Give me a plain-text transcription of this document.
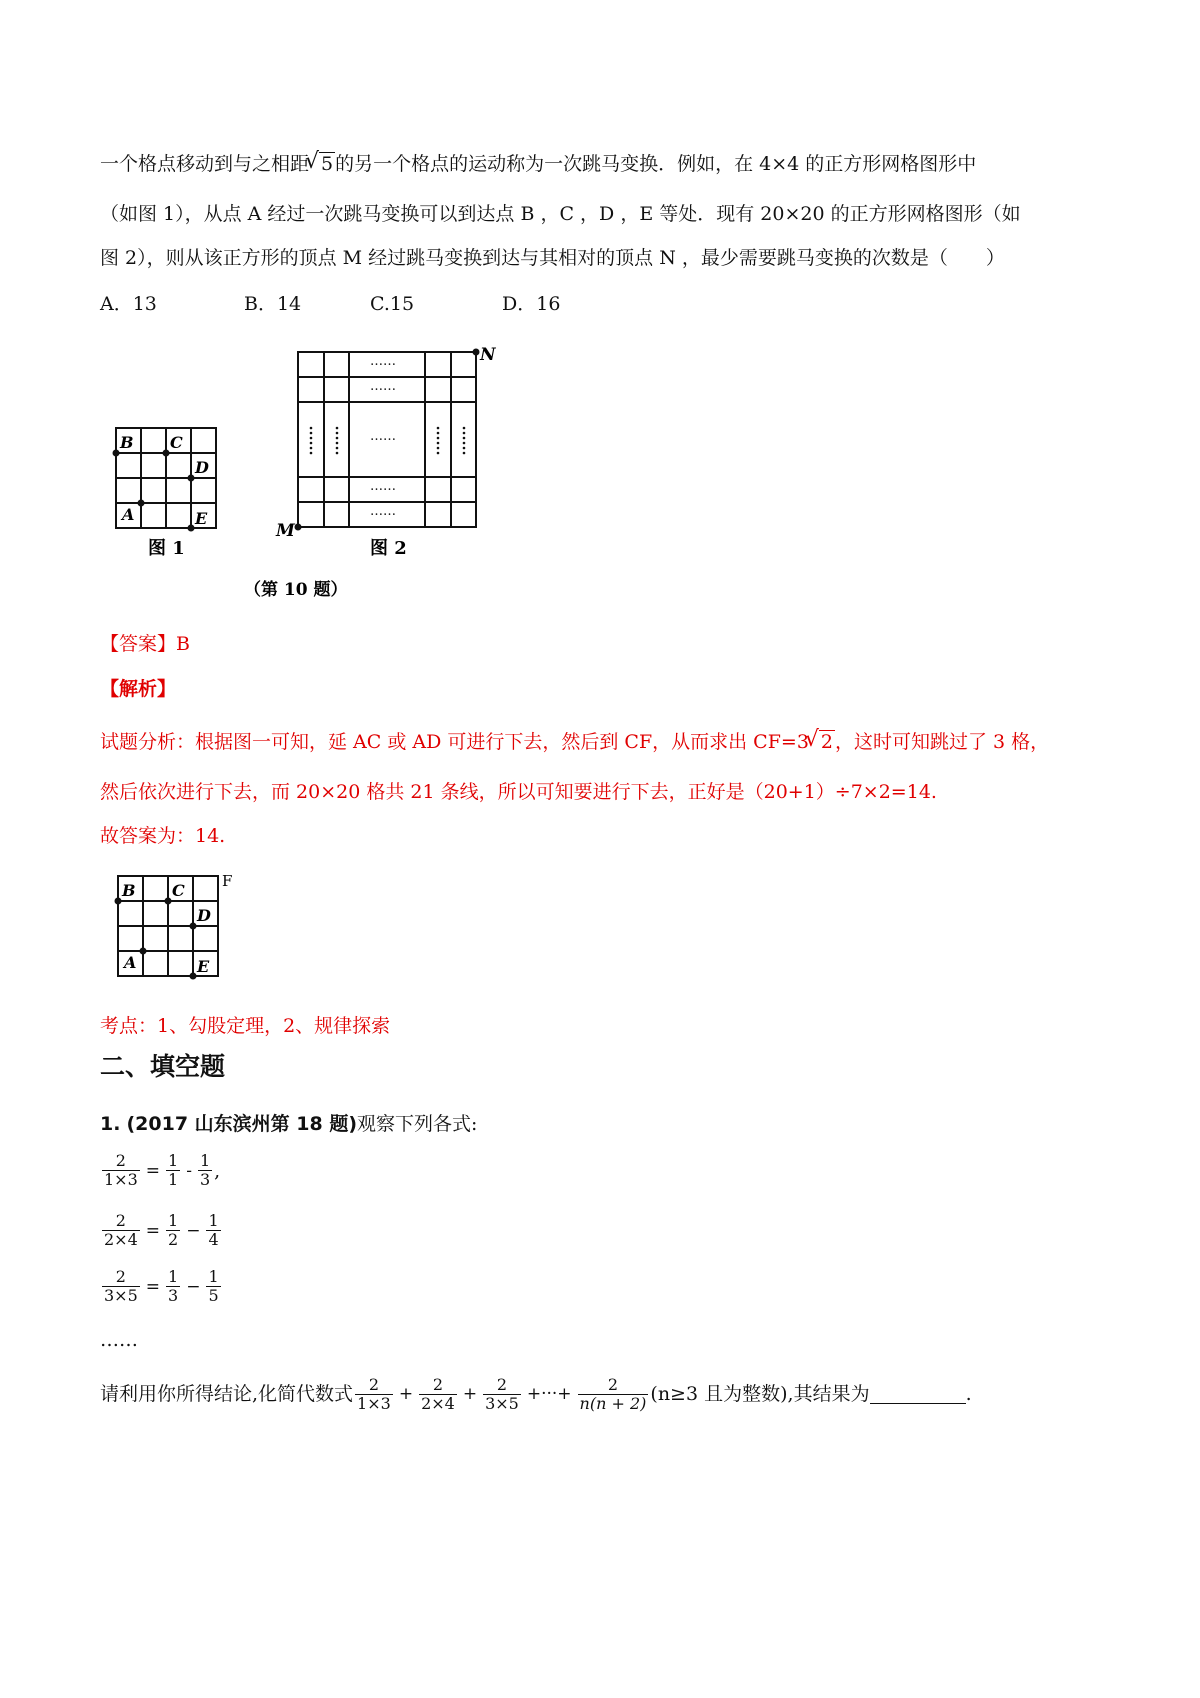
一个格点移动到与之相距 √ 5 的另一个格点的运动称为一次跳马变换．例如，在 4×4 的正方形网格图形中
（如图 1），从点 A 经过一次跳马变换可以到达点 B ，C ，D ，E 等处．现有 20×20 的正方形网格图形（如
图 2），则从该正方形的顶点 M 经过跳马变换到达与其相对的顶点 N ，最少需要跳马变换的次数是（　　）
A．13	B．14	C.15	D．16
B C
D
A	E
图 1
……
……
……
……
……
N
M
图 2
（第 10 题）
【答案】B
【解析】
试题分析：根据图一可知，延 AC 或 AD 可进行下去，然后到 CF，从而求出 CF=3 √ 2 ，这时可知跳过了 3 格，
然后依次进行下去，而 20×20 格共 21 条线，所以可知要进行下去，正好是（20+1）÷7×2=14.
故答案为：14.
B C
D
A	E
F
考点：1、勾股定理，2、规律探索
二、填空题
1. (2017 山东滨州第 18 题)观察下列各式:
$\frac{2}{1\times 3} = \frac{1}{1} - \frac{1}{3}$ ,
$\frac{2}{2\times 4} = \frac{1}{2} - \frac{1}{4}$
$\frac{2}{3\times 5} = \frac{1}{3} - \frac{1}{5}$
……
请利用你所得结论,化简代数式 $\frac{2}{1\times 3} + \frac{2}{2\times 4} + \frac{2}{3\times 5}$ +···+ $\frac{2}{n(n + 2)} (n\ge 3$ 且为整数) ,其结果为	.
